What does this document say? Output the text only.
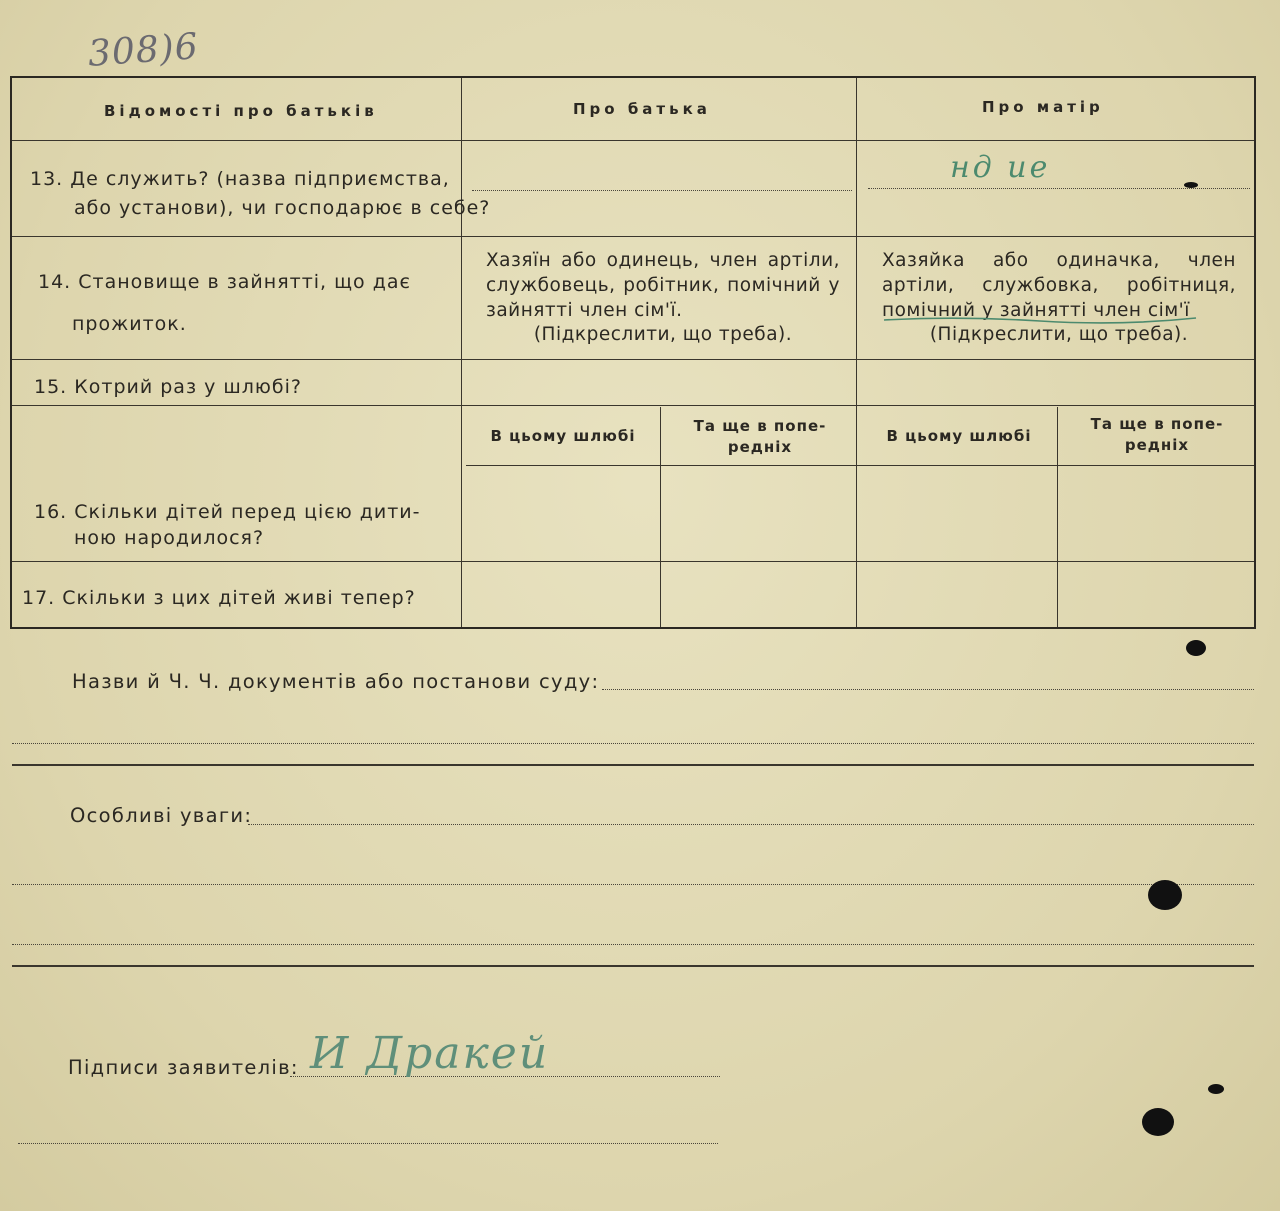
308)6
Відомості про батьків	Про батька	Про матір
13. Де служить? (назва підприємства,
або установи), чи господарює в себе?
нд ие
14. Становище в зайнятті, що дає
прожиток.
Хазяїн або одинець, член артіли, службовець, робітник, помічний у зайнятті член сім'ї.
(Підкреслити, що треба).
Хазяйка або одиначка, член артіли, службовка, робітниця, помічний у зайнятті член сім'ї
(Підкреслити, що треба).
15. Котрий раз у шлюбі?
В цьому шлюбі
Та ще в попе-
редніх
В цьому шлюбі
Та ще в попе-
редніх
16. Скільки дітей перед цією дити-
ною народилося?
17. Скільки з цих дітей живі тепер?
Назви й Ч. Ч. документів або постанови суду:
Особливі уваги:
Підписи заявителів: И Дракей
